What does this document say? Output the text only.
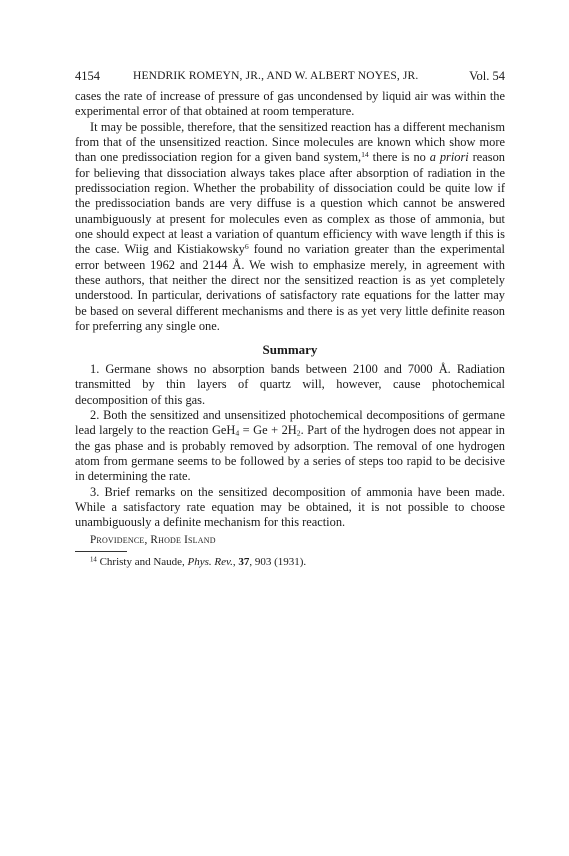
4154	HENDRIK ROMEYN, JR., AND W. ALBERT NOYES, JR.	Vol. 54

cases the rate of increase of pressure of gas uncondensed by liquid air was within the experimental error of that obtained at room temperature.

It may be possible, therefore, that the sensitized reaction has a different mechanism from that of the unsensitized reaction. Since molecules are known which show more than one predissociation region for a given band system,$^{14}$ there is no a priori reason for believing that dissociation always takes place after absorption of radiation in the predissociation region. Whether the probability of dissociation could be quite low if the predissociation bands are very diffuse is a question which cannot be answered unambiguously at present for molecules even as complex as those of ammonia, but one should expect at least a variation of quantum efficiency with wave length if this is the case. Wiig and Kistiakowsky$^6$ found no variation greater than the experimental error between 1962 and 2144 Å. We wish to emphasize merely, in agreement with these authors, that neither the direct nor the sensitized reaction is as yet completely understood. In particular, derivations of satisfactory rate equations for the latter may be based on several different mechanisms and there is as yet very little definite reason for preferring any single one.

Summary

1. Germane shows no absorption bands between 2100 and 7000 Å. Radiation transmitted by thin layers of quartz will, however, cause photochemical decomposition of this gas.

2. Both the sensitized and unsensitized photochemical decompositions of germane lead largely to the reaction $GeH_4 = Ge + 2H_2$. Part of the hydrogen does not appear in the gas phase and is probably removed by adsorption. The removal of one hydrogen atom from germane seems to be followed by a series of steps too rapid to be decisive in determining the rate.

3. Brief remarks on the sensitized decomposition of ammonia have been made. While a satisfactory rate equation may be obtained, it is not possible to choose unambiguously a definite mechanism for this reaction.

Providence, Rhode Island
$^{14}$ Christy and Naude, Phys. Rev., 37, 903 (1931).
